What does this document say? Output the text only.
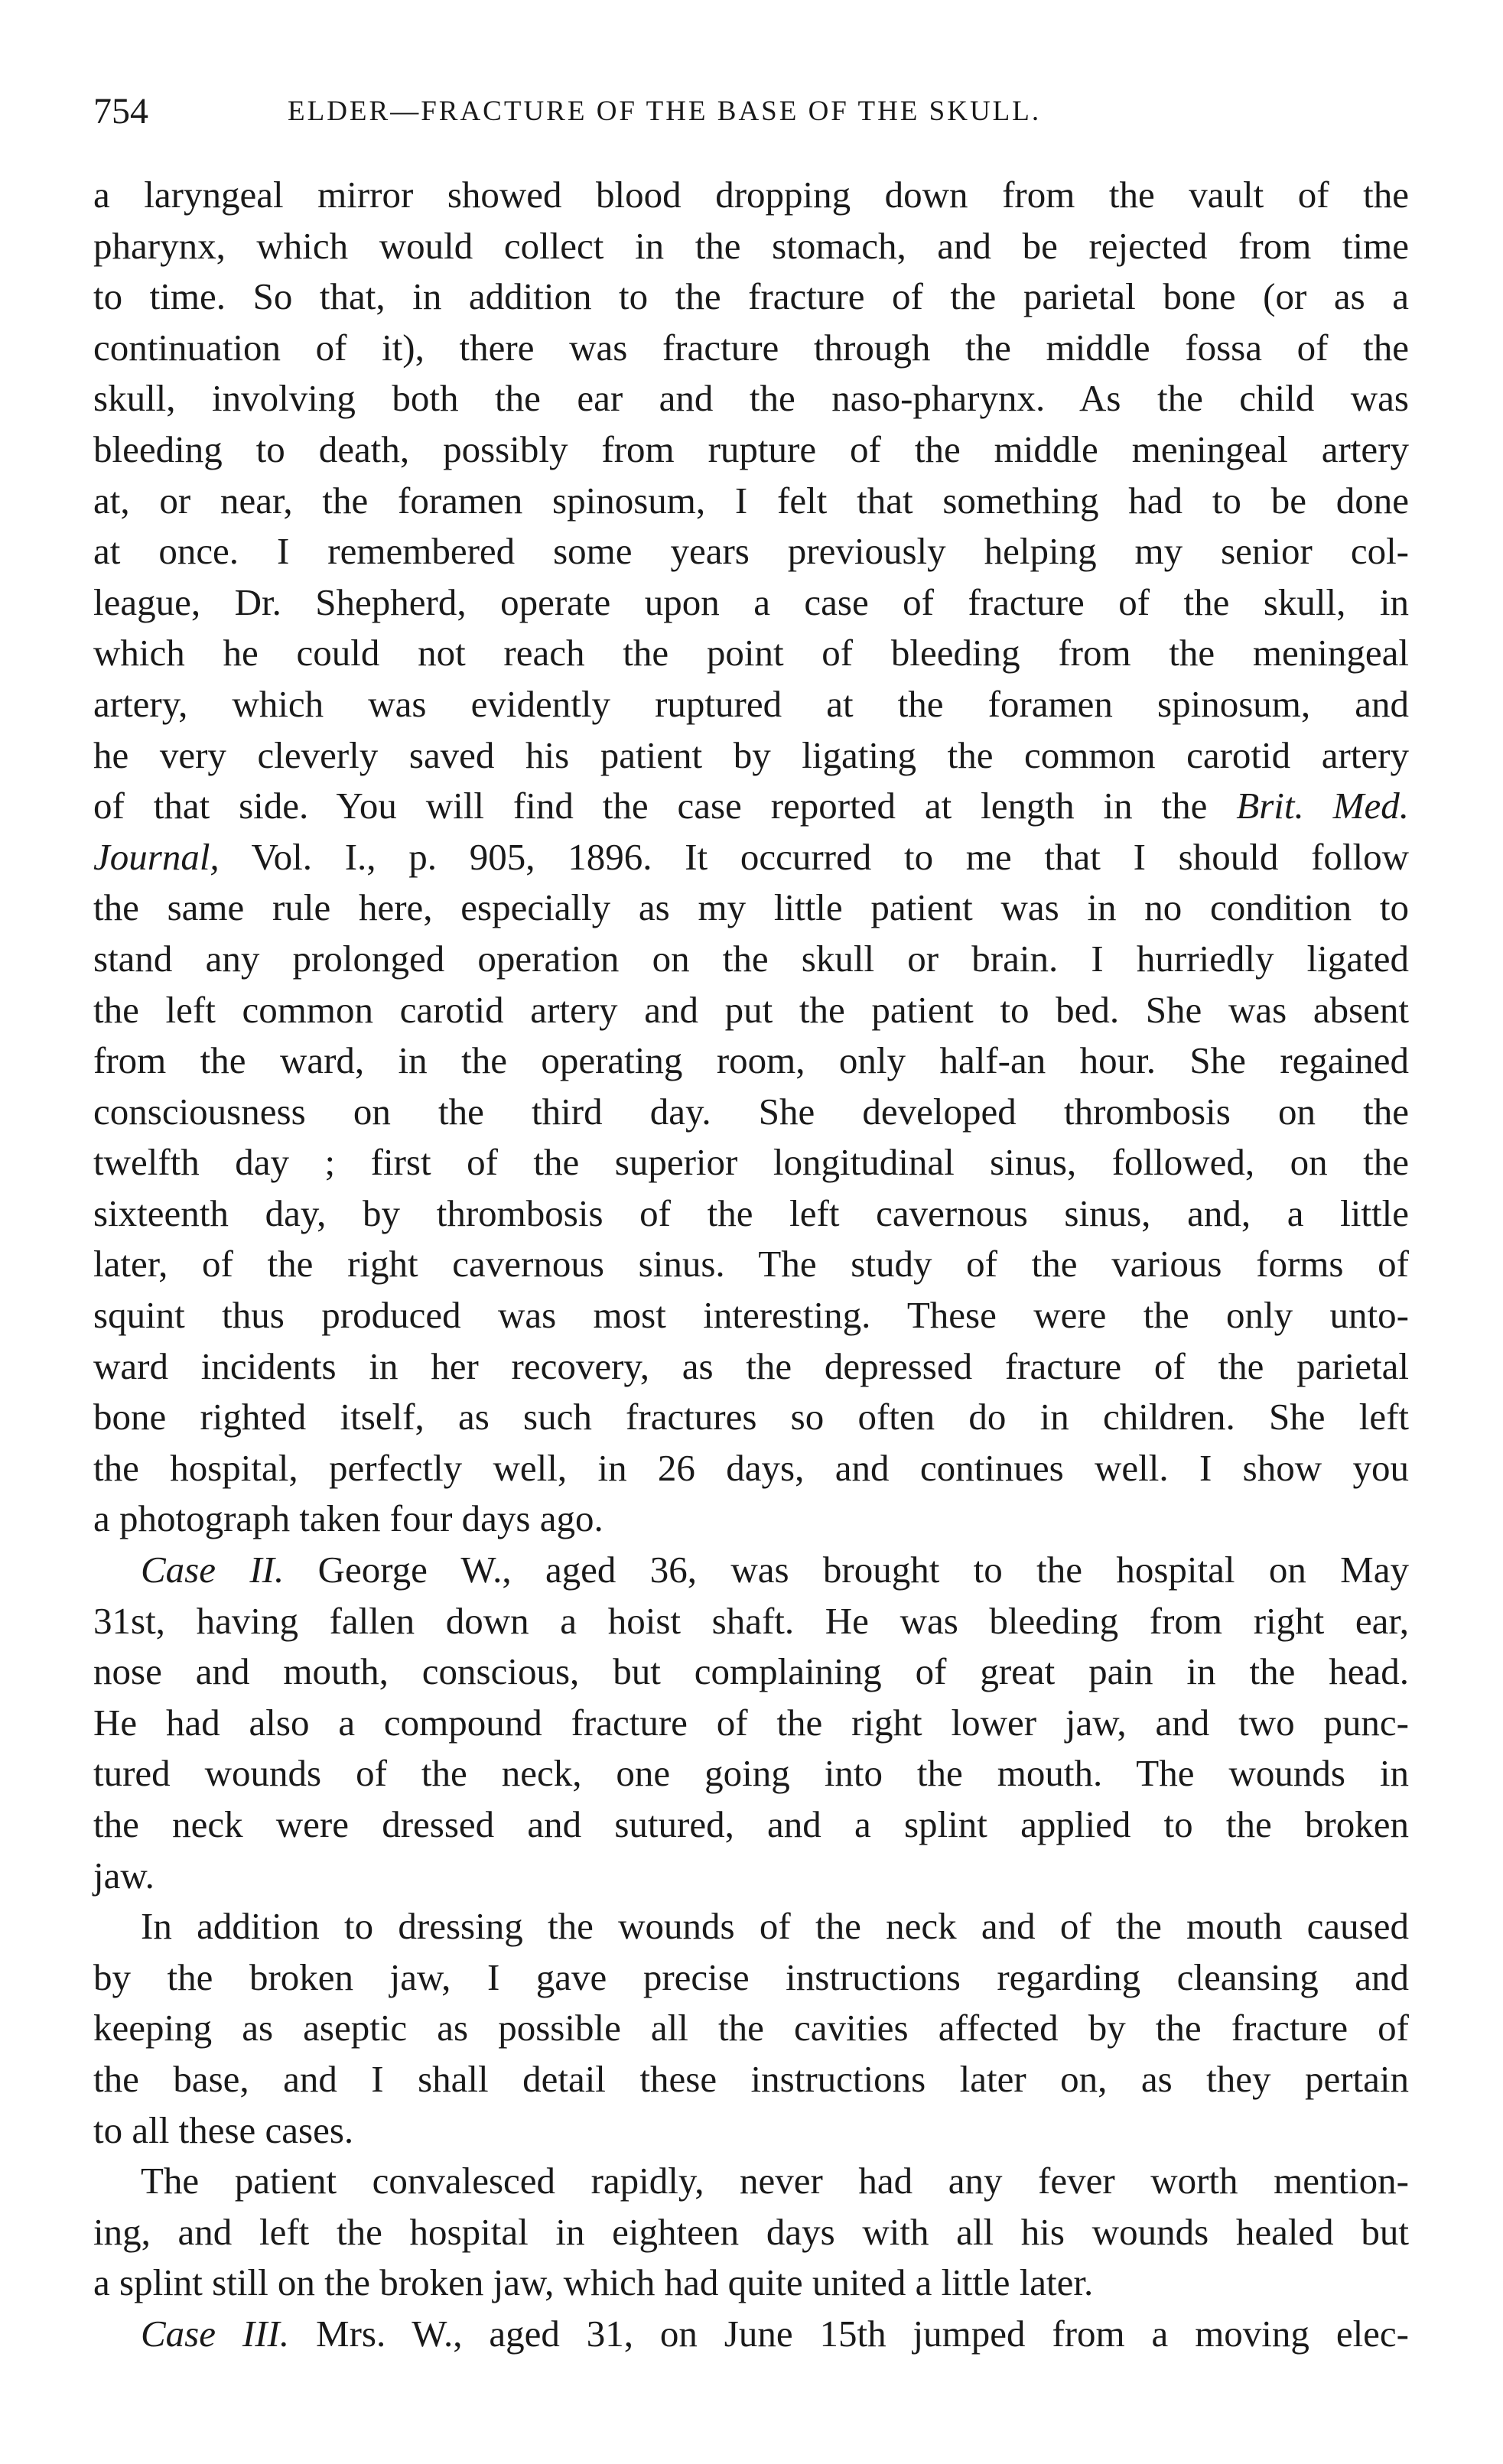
754	ELDER—FRACTURE OF THE BASE OF THE SKULL.
a laryngeal mirror showed blood dropping down from the vault of the
pharynx, which would collect in the stomach, and be rejected from time
to time. So that, in addition to the fracture of the parietal bone (or as a
continuation of it), there was fracture through the middle fossa of the
skull, involving both the ear and the naso-pharynx. As the child was
bleeding to death, possibly from rupture of the middle meningeal artery
at, or near, the foramen spinosum, I felt that something had to be done
at once. I remembered some years previously helping my senior col-
league, Dr. Shepherd, operate upon a case of fracture of the skull, in
which he could not reach the point of bleeding from the meningeal
artery, which was evidently ruptured at the foramen spinosum, and
he very cleverly saved his patient by ligating the common carotid artery
of that side. You will find the case reported at length in the Brit. Med.
Journal, Vol. I., p. 905, 1896. It occurred to me that I should follow
the same rule here, especially as my little patient was in no condition to
stand any prolonged operation on the skull or brain. I hurriedly ligated
the left common carotid artery and put the patient to bed. She was absent
from the ward, in the operating room, only half-an hour. She regained
consciousness on the third day. She developed thrombosis on the
twelfth day ; first of the superior longitudinal sinus, followed, on the
sixteenth day, by thrombosis of the left cavernous sinus, and, a little
later, of the right cavernous sinus. The study of the various forms of
squint thus produced was most interesting. These were the only unto-
ward incidents in her recovery, as the depressed fracture of the parietal
bone righted itself, as such fractures so often do in children. She left
the hospital, perfectly well, in 26 days, and continues well. I show you
a photograph taken four days ago.
Case II. George W., aged 36, was brought to the hospital on May
31st, having fallen down a hoist shaft. He was bleeding from right ear,
nose and mouth, conscious, but complaining of great pain in the head.
He had also a compound fracture of the right lower jaw, and two punc-
tured wounds of the neck, one going into the mouth. The wounds in
the neck were dressed and sutured, and a splint applied to the broken
jaw.
In addition to dressing the wounds of the neck and of the mouth caused
by the broken jaw, I gave precise instructions regarding cleansing and
keeping as aseptic as possible all the cavities affected by the fracture of
the base, and I shall detail these instructions later on, as they pertain
to all these cases.
The patient convalesced rapidly, never had any fever worth mention-
ing, and left the hospital in eighteen days with all his wounds healed but
a splint still on the broken jaw, which had quite united a little later.
Case III. Mrs. W., aged 31, on June 15th jumped from a moving elec-
